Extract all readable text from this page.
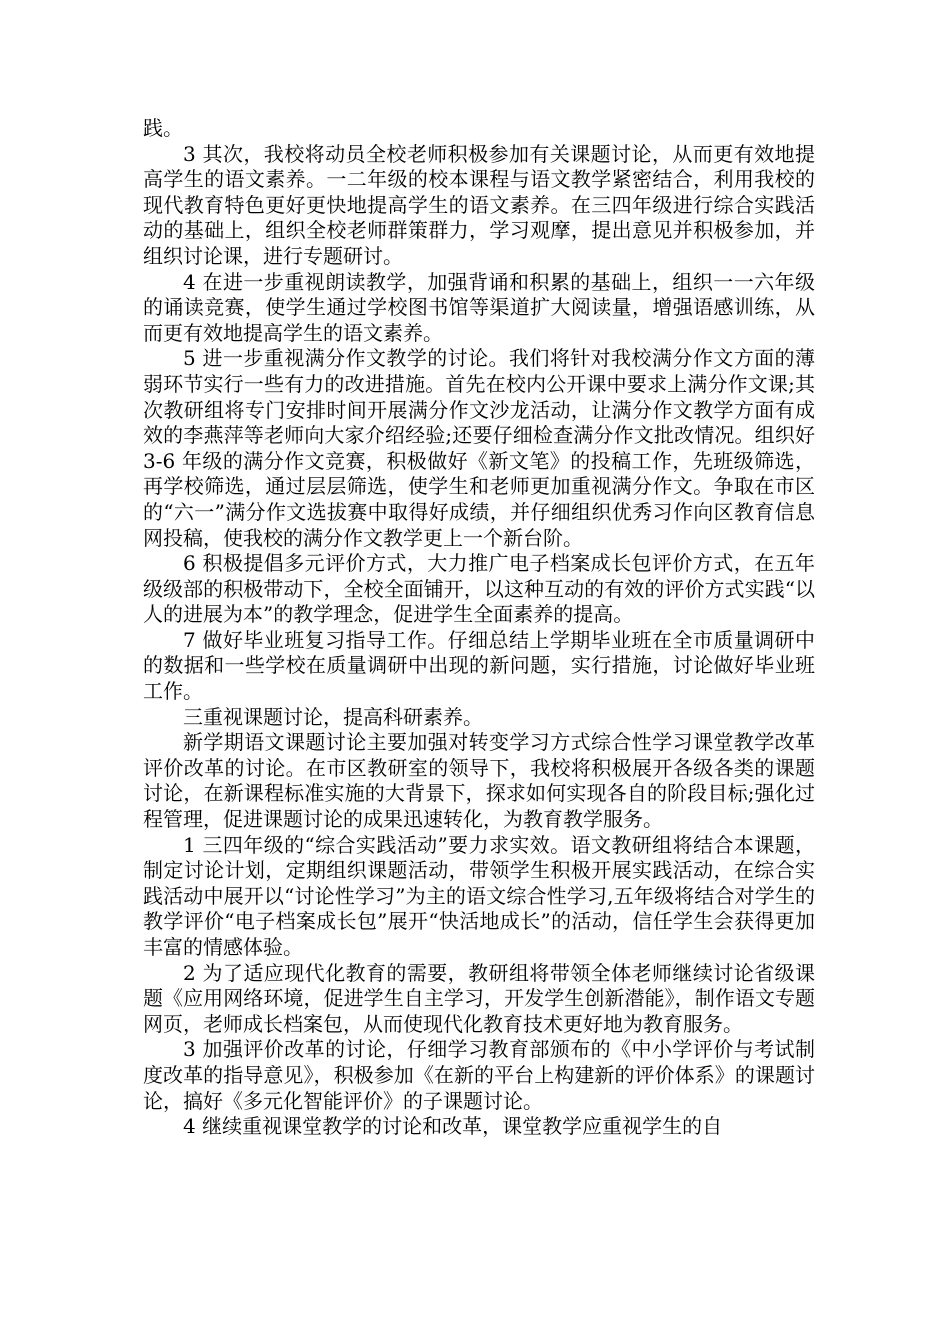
践。

3 其次，我校将动员全校老师积极参加有关课题讨论，从而更有效地提高学生的语文素养。一二年级的校本课程与语文教学紧密结合，利用我校的现代教育特色更好更快地提高学生的语文素养。在三四年级进行综合实践活动的基础上，组织全校老师群策群力，学习观摩，提出意见并积极参加，并组织讨论课，进行专题研讨。

4 在进一步重视朗读教学，加强背诵和积累的基础上，组织一一六年级的诵读竞赛，使学生通过学校图书馆等渠道扩大阅读量，增强语感训练，从而更有效地提高学生的语文素养。

5 进一步重视满分作文教学的讨论。我们将针对我校满分作文方面的薄弱环节实行一些有力的改进措施。首先在校内公开课中要求上满分作文课;其次教研组将专门安排时间开展满分作文沙龙活动，让满分作文教学方面有成效的李燕萍等老师向大家介绍经验;还要仔细检查满分作文批改情况。组织好 3-6 年级的满分作文竞赛，积极做好《新文笔》的投稿工作，先班级筛选，再学校筛选，通过层层筛选，使学生和老师更加重视满分作文。争取在市区的“六一”满分作文选拔赛中取得好成绩，并仔细组织优秀习作向区教育信息网投稿，使我校的满分作文教学更上一个新台阶。

6 积极提倡多元评价方式，大力推广电子档案成长包评价方式，在五年级级部的积极带动下，全校全面铺开，以这种互动的有效的评价方式实践“以人的进展为本”的教学理念，促进学生全面素养的提高。

7 做好毕业班复习指导工作。仔细总结上学期毕业班在全市质量调研中的数据和一些学校在质量调研中出现的新问题，实行措施，讨论做好毕业班工作。

三重视课题讨论，提高科研素养。

新学期语文课题讨论主要加强对转变学习方式综合性学习课堂教学改革评价改革的讨论。在市区教研室的领导下，我校将积极展开各级各类的课题讨论，在新课程标准实施的大背景下，探求如何实现各自的阶段目标;强化过程管理，促进课题讨论的成果迅速转化，为教育教学服务。

1 三四年级的“综合实践活动”要力求实效。语文教研组将结合本课题，制定讨论计划，定期组织课题活动，带领学生积极开展实践活动，在综合实践活动中展开以“讨论性学习”为主的语文综合性学习,五年级将结合对学生的教学评价“电子档案成长包”展开“快活地成长”的活动，信任学生会获得更加丰富的情感体验。

2 为了适应现代化教育的需要，教研组将带领全体老师继续讨论省级课题《应用网络环境，促进学生自主学习，开发学生创新潜能》，制作语文专题网页，老师成长档案包，从而使现代化教育技术更好地为教育服务。

3 加强评价改革的讨论，仔细学习教育部颁布的《中小学评价与考试制度改革的指导意见》，积极参加《在新的平台上构建新的评价体系》的课题讨论，搞好《多元化智能评价》的子课题讨论。

4 继续重视课堂教学的讨论和改革，课堂教学应重视学生的自
